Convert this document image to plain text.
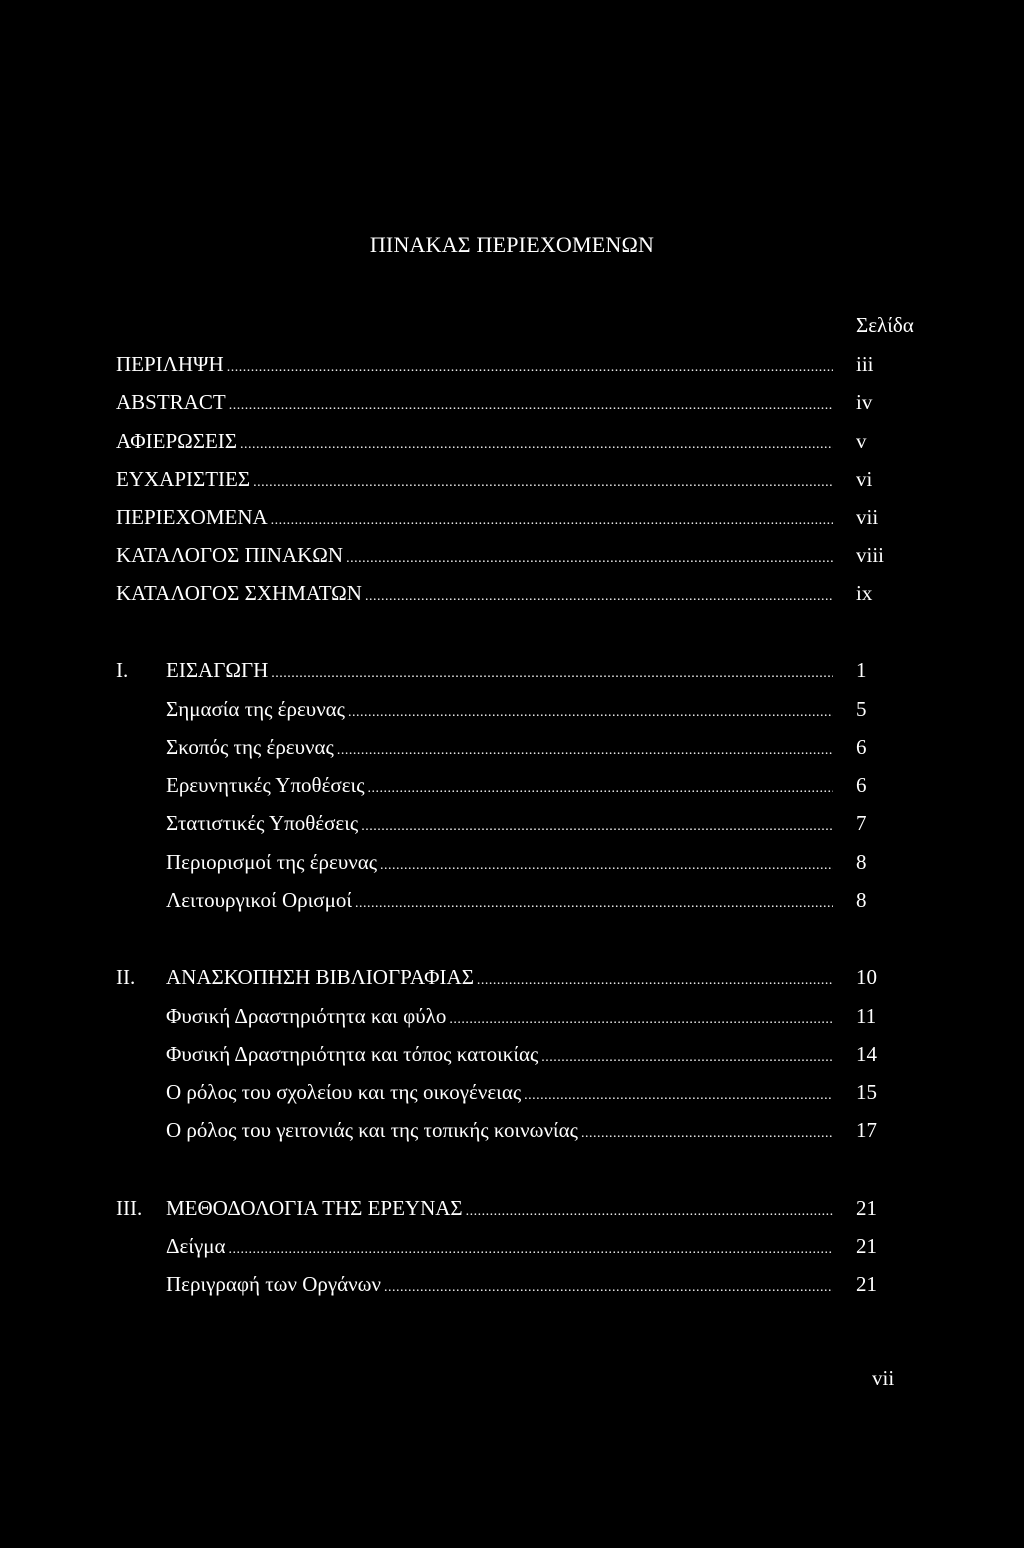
ΠΙΝΑΚΑΣ ΠΕΡΙΕΧΟΜΕΝΩΝ
Σελίδα
ΠΕΡΙΛΗΨΗ .....	iii
ABSTRACT .....	iv
ΑΦΙΕΡΩΣΕΙΣ .....	v
ΕΥΧΑΡΙΣΤΙΕΣ .....	vi
ΠΕΡΙΕΧΟΜΕΝΑ .....	vii
ΚΑΤΑΛΟΓΟΣ ΠΙΝΑΚΩΝ .....	viii
ΚΑΤΑΛΟΓΟΣ ΣΧΗΜΑΤΩΝ .....	ix
I. ΕΙΣΑΓΩΓΗ .....	1
Σημασία της έρευνας .....	5
Σκοπός της έρευνας .....	6
Ερευνητικές Υποθέσεις .....	6
Στατιστικές Υποθέσεις .....	7
Περιορισμοί της έρευνας .....	8
Λειτουργικοί Ορισμοί .....	8
II. ΑΝΑΣΚΟΠΗΣΗ ΒΙΒΛΙΟΓΡΑΦΙΑΣ .....	10
Φυσική Δραστηριότητα και φύλο .....	11
Φυσική Δραστηριότητα και τόπος κατοικίας .....	14
Ο ρόλος του σχολείου και της οικογένειας .....	15
Ο ρόλος του γειτονιάς και της τοπικής κοινωνίας .....	17
III. ΜΕΘΟΔΟΛΟΓΙΑ ΤΗΣ ΕΡΕΥΝΑΣ .....	21
Δείγμα .....	21
Περιγραφή των Οργάνων .....	21
vii
